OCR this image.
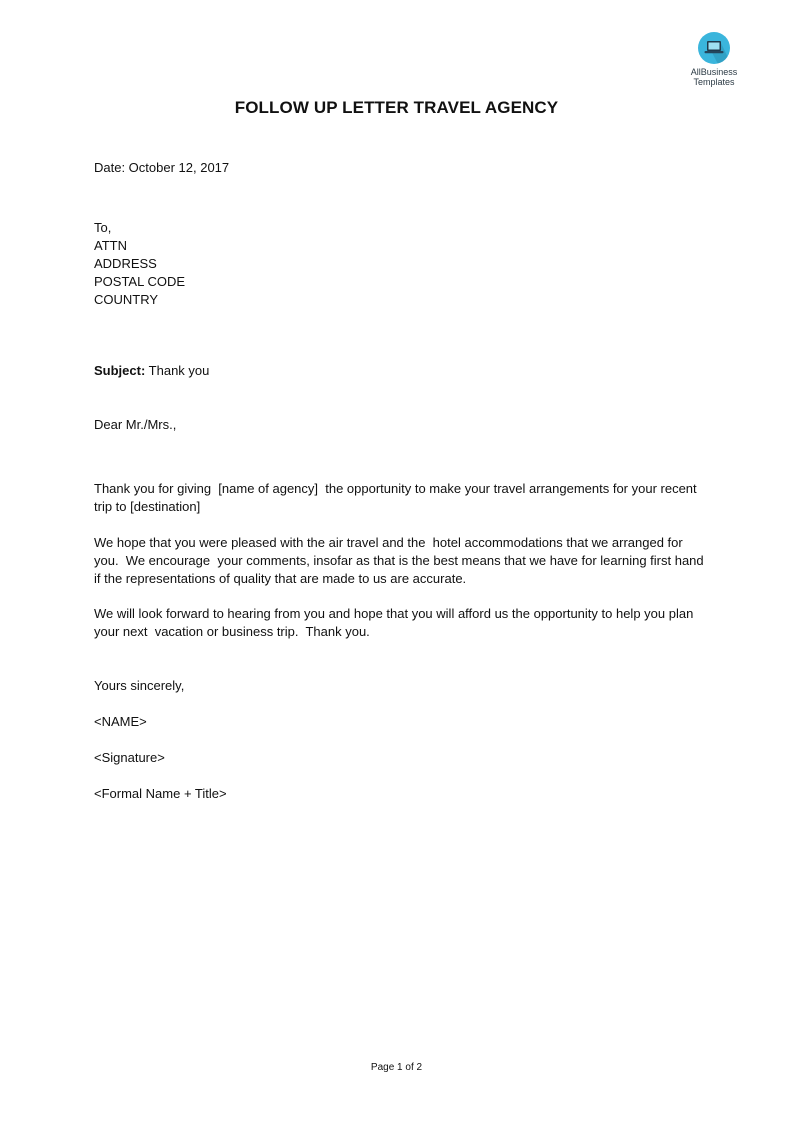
AllBusiness
Templates
FOLLOW UP LETTER TRAVEL AGENCY
Date: October 12, 2017
To,
ATTN
ADDRESS
POSTAL CODE
COUNTRY
Subject: Thank you
Dear Mr./Mrs.,
Thank you for giving  [name of agency]  the opportunity to make your travel arrangements for your recent trip to [destination]
We hope that you were pleased with the air travel and the  hotel accommodations that we arranged for you.  We encourage  your comments, insofar as that is the best means that we have for learning first hand if the representations of quality that are made to us are accurate.
We will look forward to hearing from you and hope that you will afford us the opportunity to help you plan your next  vacation or business trip.  Thank you.
Yours sincerely,
<NAME>
<Signature>
<Formal Name + Title>
Page 1 of 2
